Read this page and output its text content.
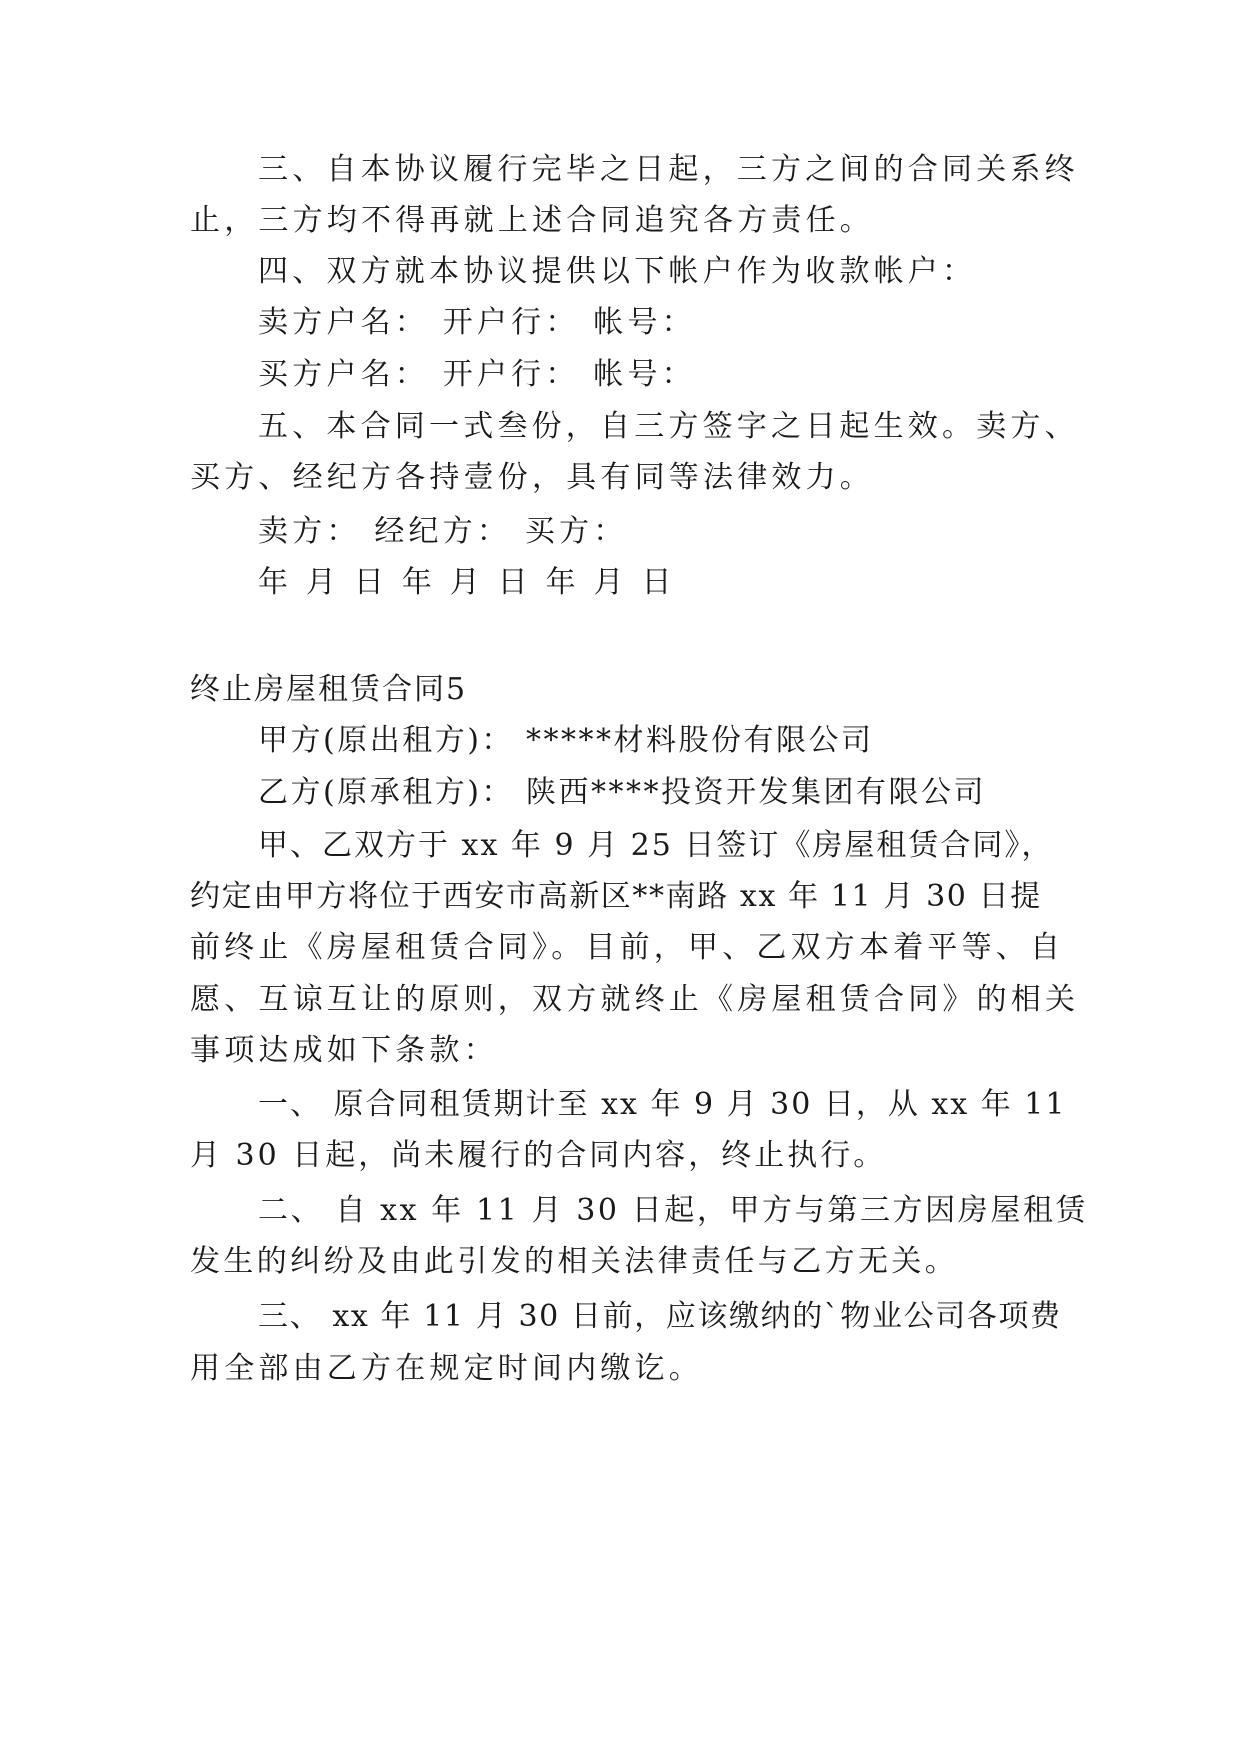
三、自本协议履行完毕之日起，三方之间的合同关系终
止，三方均不得再就上述合同追究各方责任。
四、双方就本协议提供以下帐户作为收款帐户：
卖方户名： 开户行： 帐号：
买方户名： 开户行： 帐号：
五、本合同一式叁份，自三方签字之日起生效。卖方、
买方、经纪方各持壹份，具有同等法律效力。
卖方： 经纪方： 买方：
年 月 日 年 月 日 年 月 日
终止房屋租赁合同5
甲方(原出租方)： *****材料股份有限公司
乙方(原承租方)： 陕西****投资开发集团有限公司
甲、乙双方于 xx 年 9 月 25 日签订《房屋租赁合同》，
约定由甲方将位于西安市高新区**南路 xx 年 11 月 30 日提
前终止《房屋租赁合同》。目前，甲、乙双方本着平等、自
愿、互谅互让的原则，双方就终止《房屋租赁合同》的相关
事项达成如下条款：
一、 原合同租赁期计至 xx 年 9 月 30 日，从 xx 年 11
月 30 日起，尚未履行的合同内容，终止执行。
二、 自 xx 年 11 月 30 日起，甲方与第三方因房屋租赁
发生的纠纷及由此引发的相关法律责任与乙方无关。
三、 xx 年 11 月 30 日前，应该缴纳的`物业公司各项费
用全部由乙方在规定时间内缴讫。
